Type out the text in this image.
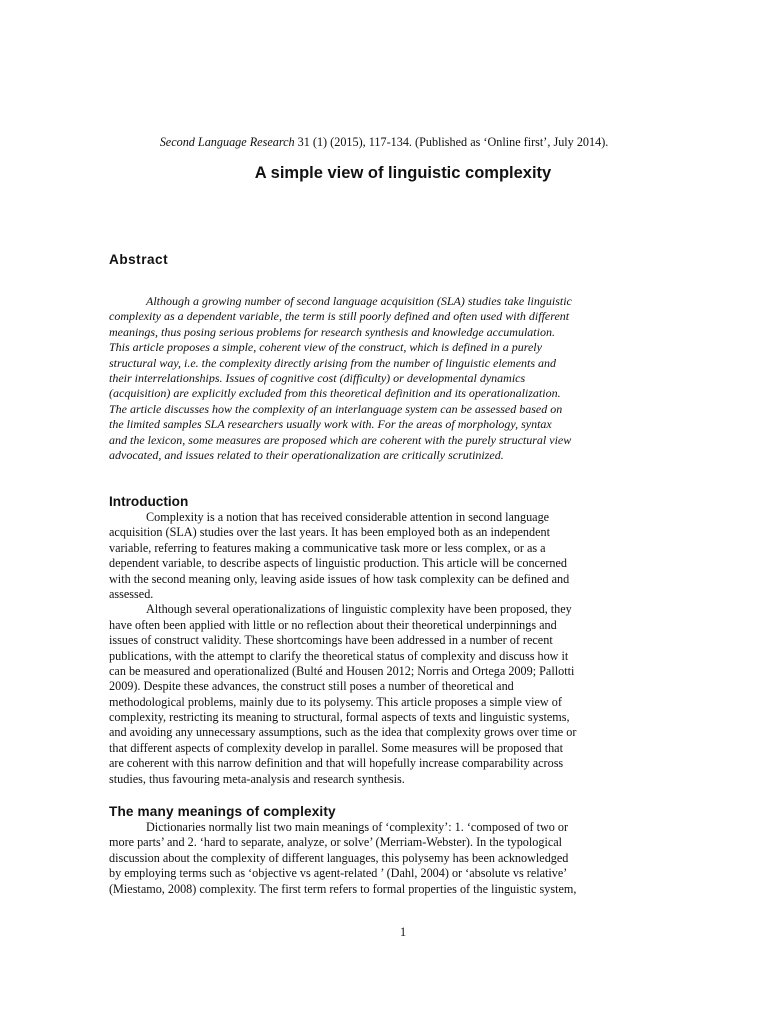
Second Language Research 31 (1) (2015), 117-134. (Published as ‘Online first’, July 2014).
A simple view of linguistic complexity
Abstract
Although a growing number of second language acquisition (SLA) studies take linguistic
complexity as a dependent variable, the term is still poorly defined and often used with different
meanings, thus posing serious problems for research synthesis and knowledge accumulation.
This article proposes a simple, coherent view of the construct, which is defined in a purely
structural way, i.e. the complexity directly arising from the number of linguistic elements and
their interrelationships. Issues of cognitive cost (difficulty) or developmental dynamics
(acquisition) are explicitly excluded from this theoretical definition and its operationalization.
The article discusses how the complexity of an interlanguage system can be assessed based on
the limited samples SLA researchers usually work with. For the areas of morphology, syntax
and the lexicon, some measures are proposed which are coherent with the purely structural view
advocated, and issues related to their operationalization are critically scrutinized.
Introduction
Complexity is a notion that has received considerable attention in second language
acquisition (SLA) studies over the last years. It has been employed both as an independent
variable, referring to features making a communicative task more or less complex, or as a
dependent variable, to describe aspects of linguistic production. This article will be concerned
with the second meaning only, leaving aside issues of how task complexity can be defined and
assessed.
Although several operationalizations of linguistic complexity have been proposed, they
have often been applied with little or no reflection about their theoretical underpinnings and
issues of construct validity. These shortcomings have been addressed in a number of recent
publications, with the attempt to clarify the theoretical status of complexity and discuss how it
can be measured and operationalized (Bulté and Housen 2012; Norris and Ortega 2009; Pallotti
2009). Despite these advances, the construct still poses a number of theoretical and
methodological problems, mainly due to its polysemy. This article proposes a simple view of
complexity, restricting its meaning to structural, formal aspects of texts and linguistic systems,
and avoiding any unnecessary assumptions, such as the idea that complexity grows over time or
that different aspects of complexity develop in parallel. Some measures will be proposed that
are coherent with this narrow definition and that will hopefully increase comparability across
studies, thus favouring meta-analysis and research synthesis.
The many meanings of complexity
Dictionaries normally list two main meanings of ‘complexity’: 1. ‘composed of two or
more parts’ and 2. ‘hard to separate, analyze, or solve’ (Merriam-Webster). In the typological
discussion about the complexity of different languages, this polysemy has been acknowledged
by employing terms such as ‘objective vs agent-related ’ (Dahl, 2004) or ‘absolute vs relative’
(Miestamo, 2008) complexity. The first term refers to formal properties of the linguistic system,
1
